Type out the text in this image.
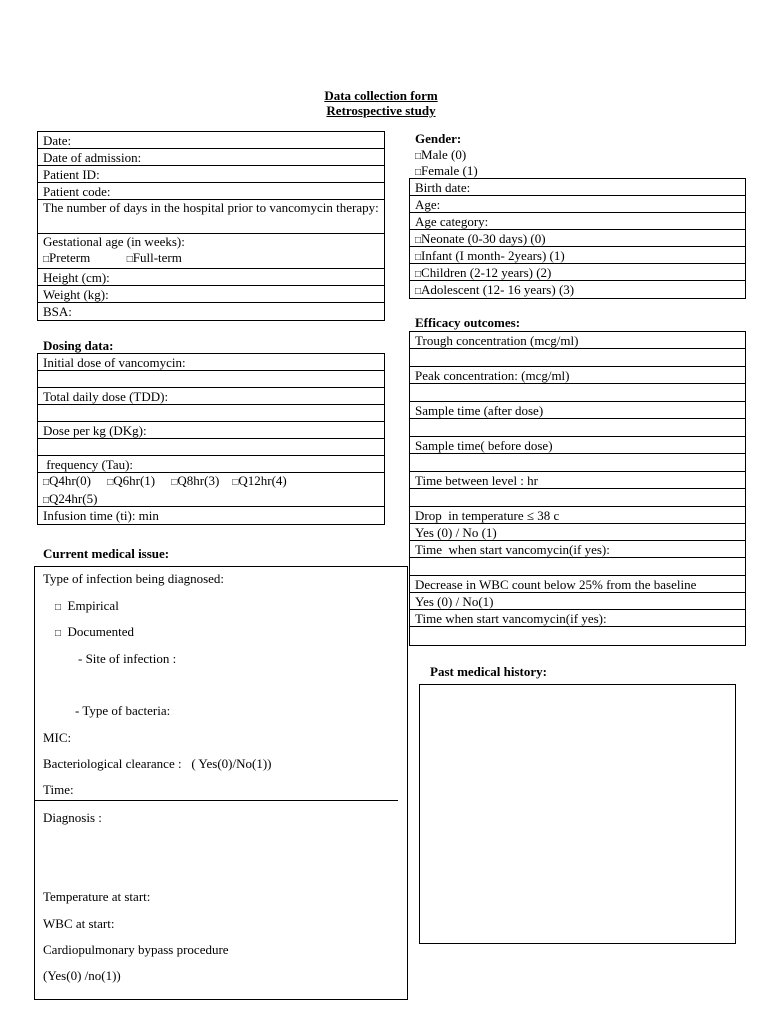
Data collection form
Retrospective study
Date:
Date of admission:
Patient ID:
Patient code:
The number of days in the hospital prior to vancomycin therapy:
Gestational age (in weeks):
□Preterm	□Full-term
Height (cm):
Weight (kg):
BSA:
Gender:
□Male (0)
□Female (1)
Birth date:
Age:
Age category:
□Neonate (0-30 days) (0)
□Infant (I month- 2years) (1)
□Children (2-12 years) (2)
□Adolescent (12- 16 years) (3)
Dosing data:
Initial dose of vancomycin:
Total daily dose (TDD):
Dose per kg (DKg):
frequency (Tau):
□Q4hr(0) □Q6hr(1) □Q8hr(3) □Q12hr(4)
□Q24hr(5)
Infusion time (ti): min
Efficacy outcomes:
Trough concentration (mcg/ml)
Peak concentration: (mcg/ml)
Sample time (after dose)
Sample time( before dose)
Time between level : hr
Drop  in temperature ≤ 38 c
Yes (0) / No (1)
Time  when start vancomycin(if yes):
Decrease in WBC count below 25% from the baseline
Yes (0) / No(1)
Time when start vancomycin(if yes):
Current medical issue:
Type of infection being diagnosed:
□ Empirical
□ Documented
- Site of infection :
- Type of bacteria:
MIC:
Bacteriological clearance :   ( Yes(0)/No(1))
Time:
Diagnosis :
Temperature at start:
WBC at start:
Cardiopulmonary bypass procedure
(Yes(0) /no(1))
Past medical history:
